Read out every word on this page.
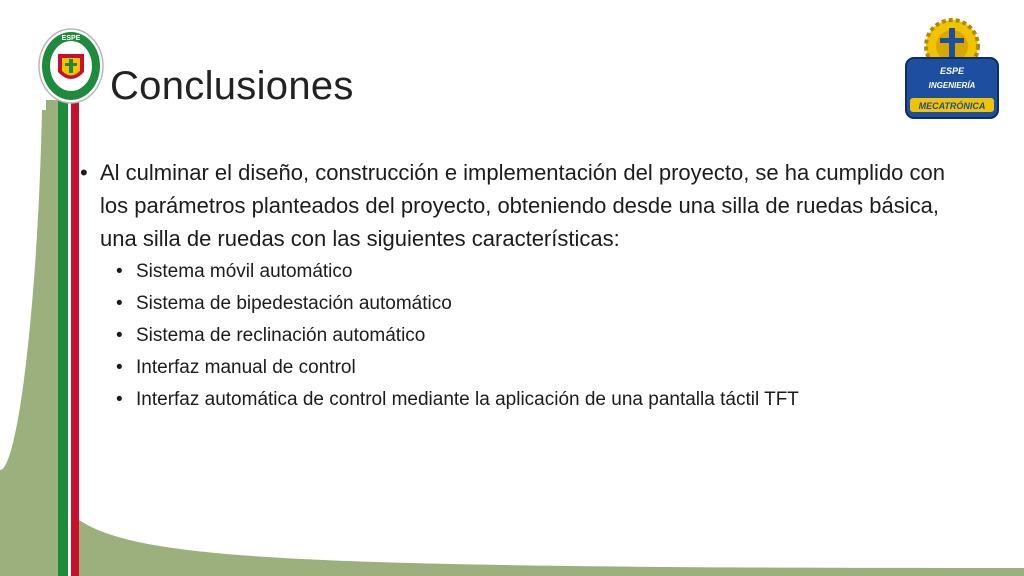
ESPE
ESPE
INGENIERÍA
MECATRÓNICA
Conclusiones
• Al culminar el diseño, construcción e implementación del proyecto, se ha cumplido con los parámetros planteados del proyecto, obteniendo desde una silla de ruedas básica, una silla de ruedas con las siguientes características:
• Sistema móvil automático
• Sistema de bipedestación automático
• Sistema de reclinación automático
• Interfaz manual de control
• Interfaz automática de control mediante la aplicación de una pantalla táctil TFT
